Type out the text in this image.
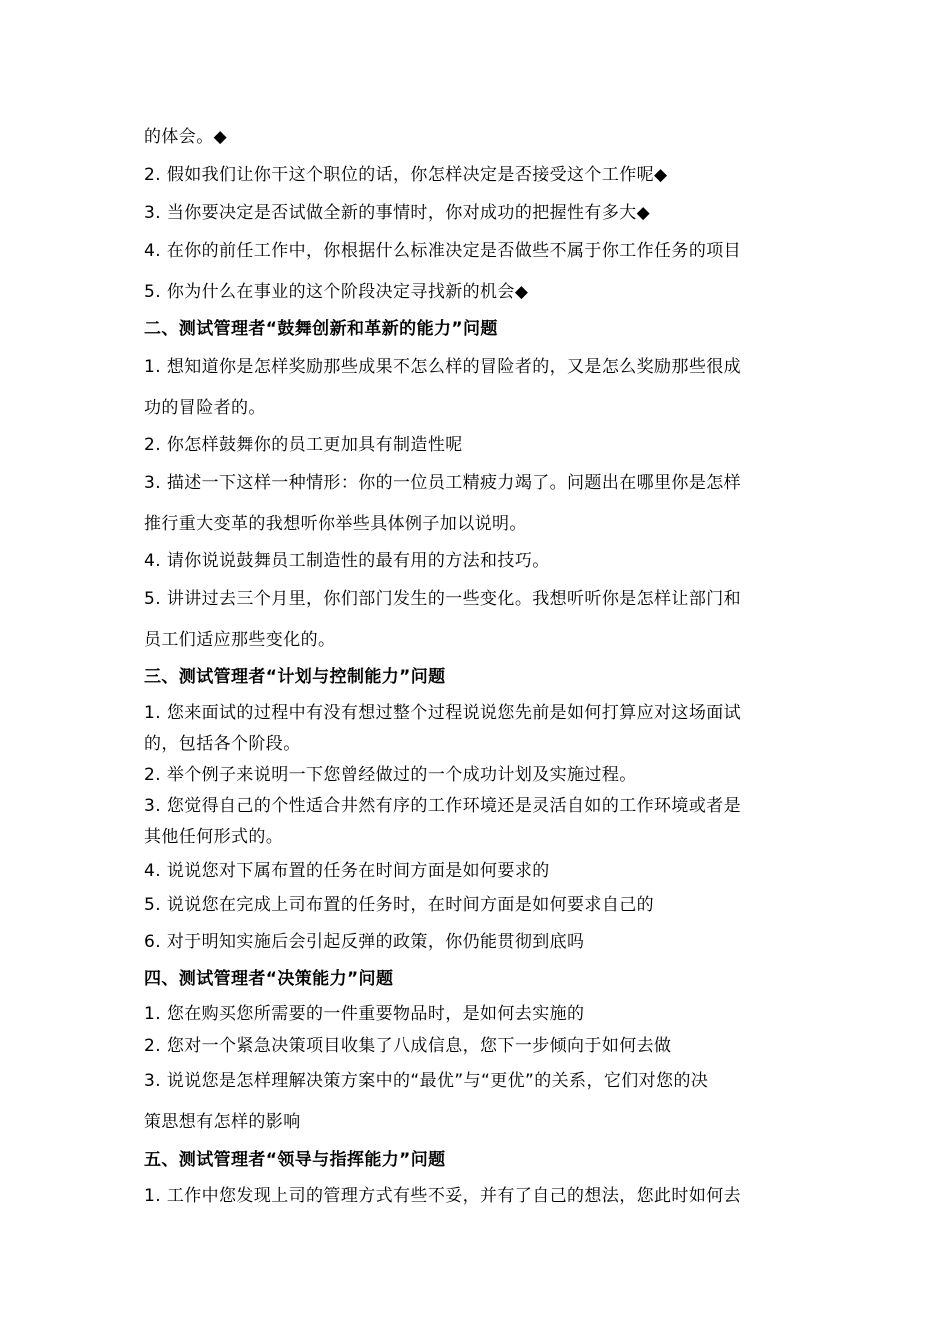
的体会。◆
2. 假如我们让你干这个职位的话，你怎样决定是否接受这个工作呢◆
3. 当你要决定是否试做全新的事情时，你对成功的把握性有多大◆
4. 在你的前任工作中，你根据什么标准决定是否做些不属于你工作任务的项目
5. 你为什么在事业的这个阶段决定寻找新的机会◆
二、测试管理者“鼓舞创新和革新的能力”问题
1. 想知道你是怎样奖励那些成果不怎么样的冒险者的，又是怎么奖励那些很成
功的冒险者的。
2. 你怎样鼓舞你的员工更加具有制造性呢
3. 描述一下这样一种情形：你的一位员工精疲力竭了。问题出在哪里你是怎样
推行重大变革的我想听你举些具体例子加以说明。
4. 请你说说鼓舞员工制造性的最有用的方法和技巧。
5. 讲讲过去三个月里，你们部门发生的一些变化。我想听听你是怎样让部门和
员工们适应那些变化的。
三、测试管理者“计划与控制能力”问题
1. 您来面试的过程中有没有想过整个过程说说您先前是如何打算应对这场面试
的，包括各个阶段。
2. 举个例子来说明一下您曾经做过的一个成功计划及实施过程。
3. 您觉得自己的个性适合井然有序的工作环境还是灵活自如的工作环境或者是
其他任何形式的。
4. 说说您对下属布置的任务在时间方面是如何要求的
5. 说说您在完成上司布置的任务时，在时间方面是如何要求自己的
6. 对于明知实施后会引起反弹的政策，你仍能贯彻到底吗
四、测试管理者“决策能力”问题
1. 您在购买您所需要的一件重要物品时，是如何去实施的
2. 您对一个紧急决策项目收集了八成信息，您下一步倾向于如何去做
3. 说说您是怎样理解决策方案中的“最优”与“更优”的关系，它们对您的决
策思想有怎样的影响
五、测试管理者“领导与指挥能力”问题
1. 工作中您发现上司的管理方式有些不妥，并有了自己的想法，您此时如何去
